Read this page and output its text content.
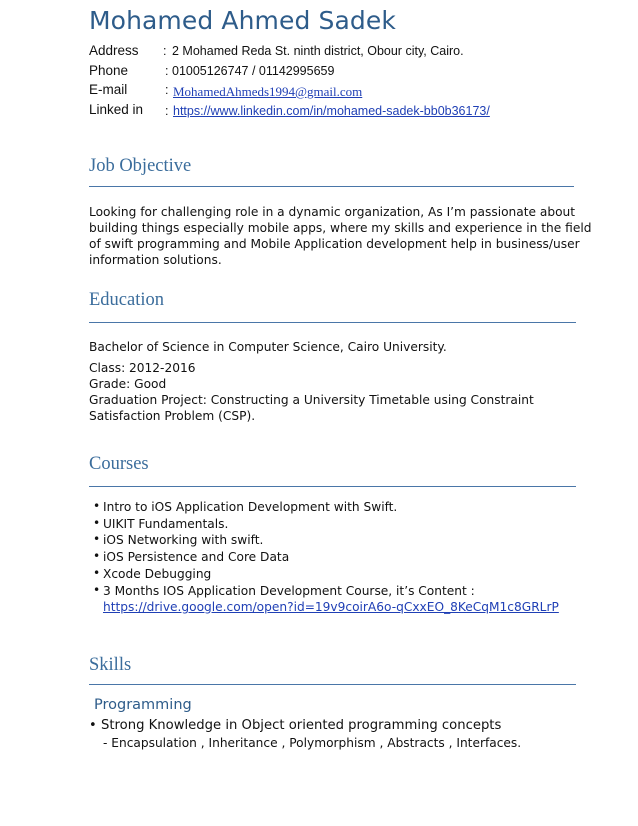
Mohamed Ahmed Sadek
Address : 2 Mohamed Reda St. ninth district, Obour city, Cairo.
Phone	: 01005126747 / 01142995659
E-mail	: MohamedAhmeds1994@gmail.com
Linked in : https://www.linkedin.com/in/mohamed-sadek-bb0b36173/
Job Objective
Looking for challenging role in a dynamic organization, As I’m passionate about
building things especially mobile apps, where my skills and experience in the field
of swift programming and Mobile Application development help in business/user
information solutions.
Education
Bachelor of Science in Computer Science, Cairo University.
Class: 2012-2016
Grade: Good
Graduation Project: Constructing a University Timetable using Constraint
Satisfaction Problem (CSP).
Courses
• Intro to iOS Application Development with Swift.
• UIKIT Fundamentals.
• iOS Networking with swift.
• iOS Persistence and Core Data
• Xcode Debugging
• 3 Months IOS Application Development Course, it’s Content :
https://drive.google.com/open?id=19v9coirA6o-qCxxEO_8KeCqM1c8GRLrP
Skills
Programming
• Strong Knowledge in Object oriented programming concepts
- Encapsulation , Inheritance , Polymorphism , Abstracts , Interfaces.
